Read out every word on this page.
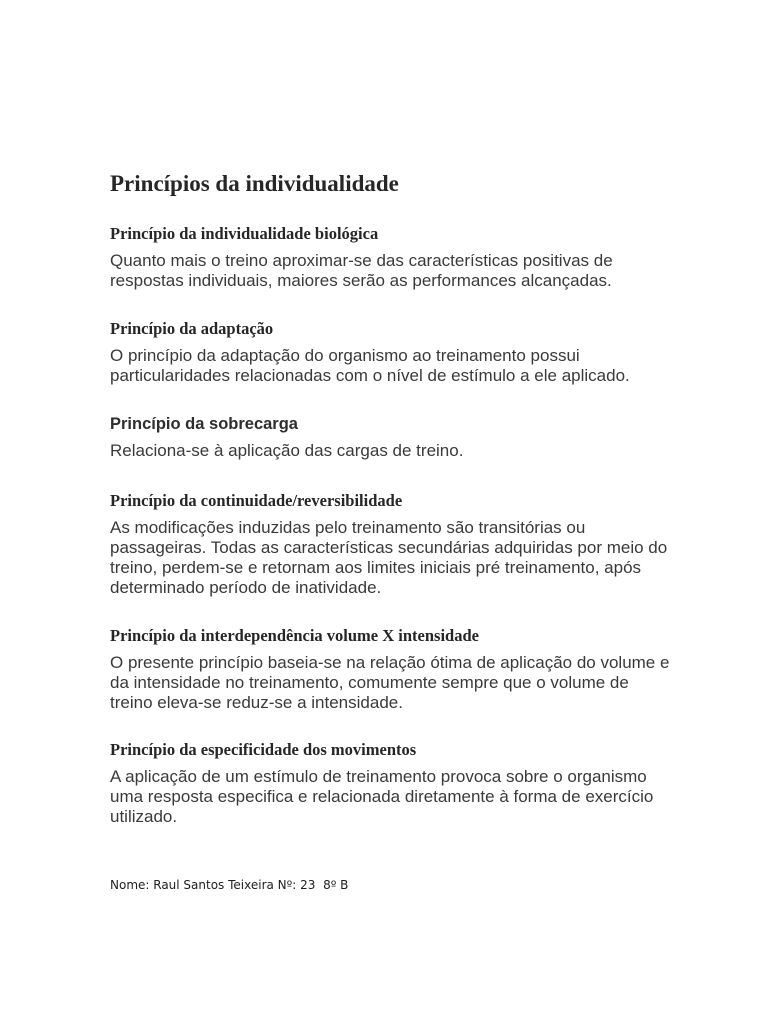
Princípios da individualidade
Princípio da individualidade biológica

Quanto mais o treino aproximar-se das características positivas de respostas individuais, maiores serão as performances alcançadas.

Princípio da adaptação

O princípio da adaptação do organismo ao treinamento possui particularidades relacionadas com o nível de estímulo a ele aplicado.

Princípio da sobrecarga

Relaciona-se à aplicação das cargas de treino.

Princípio da continuidade/reversibilidade

As modificações induzidas pelo treinamento são transitórias ou passageiras. Todas as características secundárias adquiridas por meio do treino, perdem-se e retornam aos limites iniciais pré treinamento, após determinado período de inatividade.

Princípio da interdependência volume X intensidade

O presente princípio baseia-se na relação ótima de aplicação do volume e da intensidade no treinamento, comumente sempre que o volume de treino eleva-se reduz-se a intensidade.

Princípio da especificidade dos movimentos

A aplicação de um estímulo de treinamento provoca sobre o organismo uma resposta especifica e relacionada diretamente à forma de exercício utilizado.

Nome: Raul Santos Teixeira Nº: 23  8º B
